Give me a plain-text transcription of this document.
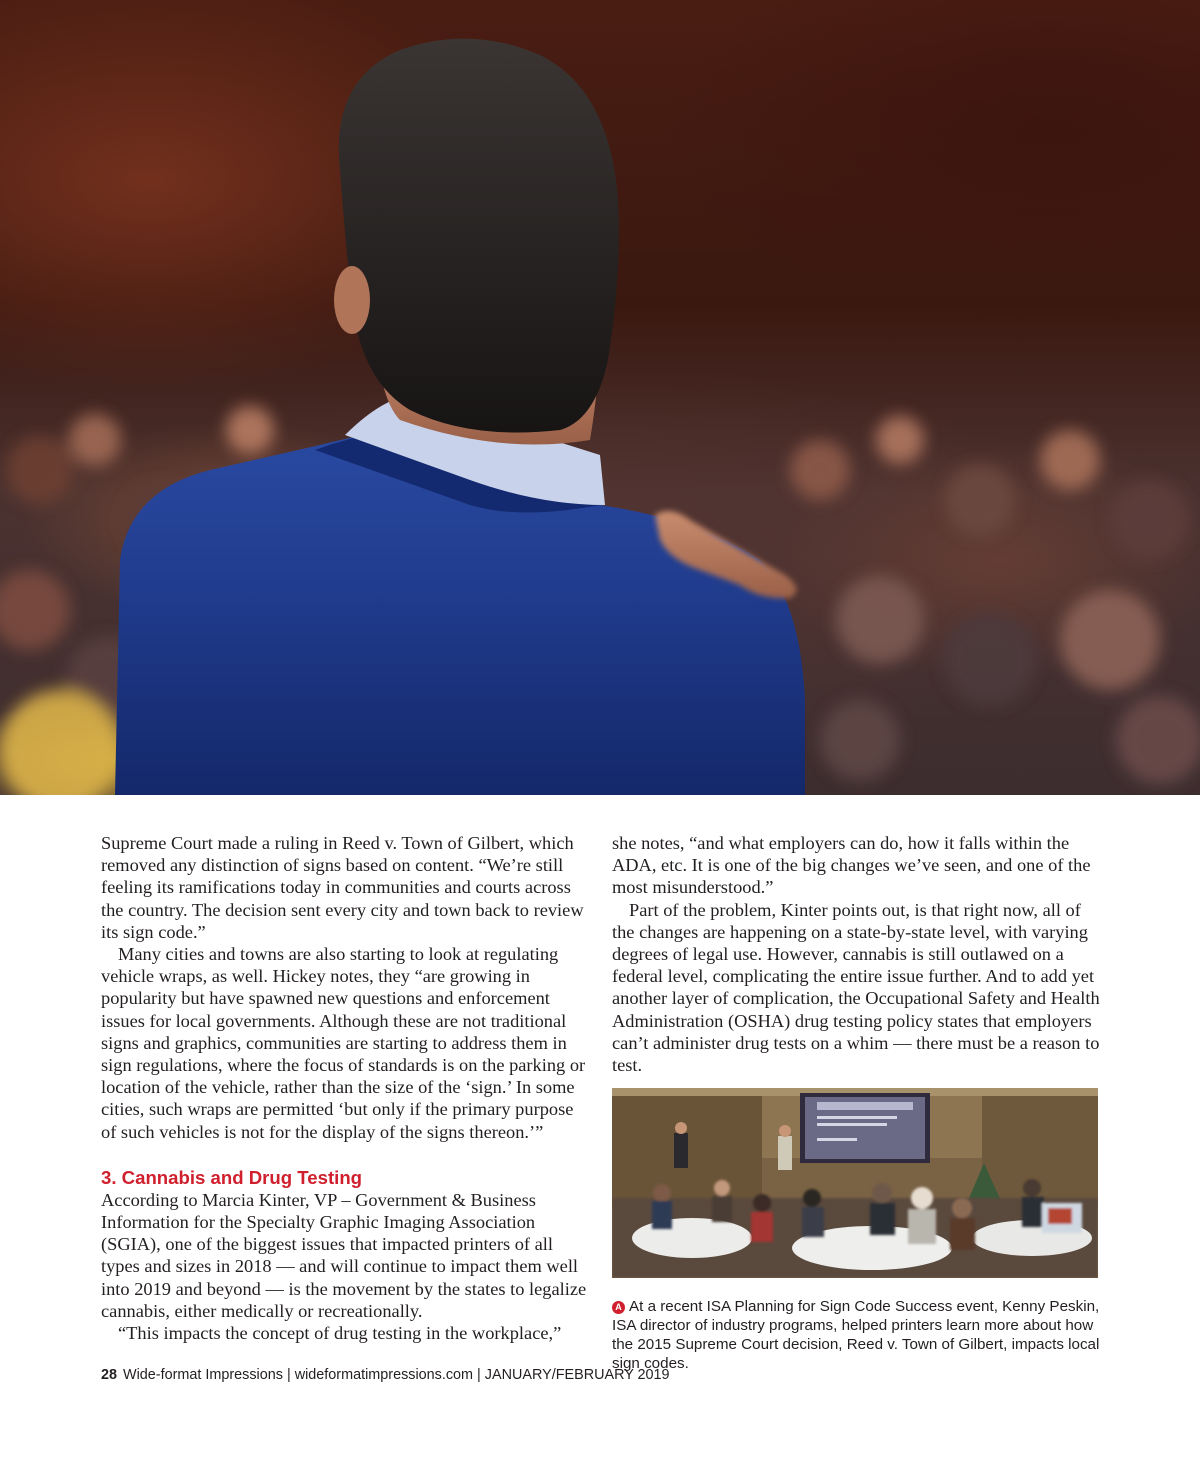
Supreme Court made a ruling in Reed v. Town of Gilbert, which removed any distinction of signs based on content. “We’re still feeling its ramifications today in communities and courts across the country. The decision sent every city and town back to review its sign code.”

Many cities and towns are also starting to look at regulating vehicle wraps, as well. Hickey notes, they “are growing in popularity but have spawned new questions and enforcement issues for local governments. Although these are not traditional signs and graphics, communities are starting to address them in sign regulations, where the focus of standards is on the parking or location of the vehicle, rather than the size of the ‘sign.’ In some cities, such wraps are permitted ‘but only if the primary purpose of such vehicles is not for the display of the signs thereon.’”

3. Cannabis and Drug Testing

According to Marcia Kinter, VP – Government & Business Information for the Specialty Graphic Imaging Association (SGIA), one of the biggest issues that impacted printers of all types and sizes in 2018 — and will continue to impact them well into 2019 and beyond — is the movement by the states to legalize cannabis, either medically or recreationally.

“This impacts the concept of drug testing in the workplace,”

she notes, “and what employers can do, how it falls within the ADA, etc. It is one of the big changes we’ve seen, and one of the most misunderstood.”

Part of the problem, Kinter points out, is that right now, all of the changes are happening on a state-by-state level, with varying degrees of legal use. However, cannabis is still outlawed on a federal level, complicating the entire issue further. And to add yet another layer of complication, the Occupational Safety and Health Administration (OSHA) drug testing policy states that employers can’t administer drug tests on a whim — there must be a reason to test.

A At a recent ISA Planning for Sign Code Success event, Kenny Peskin, ISA director of industry programs, helped printers learn more about how the 2015 Supreme Court decision, Reed v. Town of Gilbert, impacts local sign codes.
28 Wide-format Impressions | wideformatimpressions.com | JANUARY/FEBRUARY 2019
